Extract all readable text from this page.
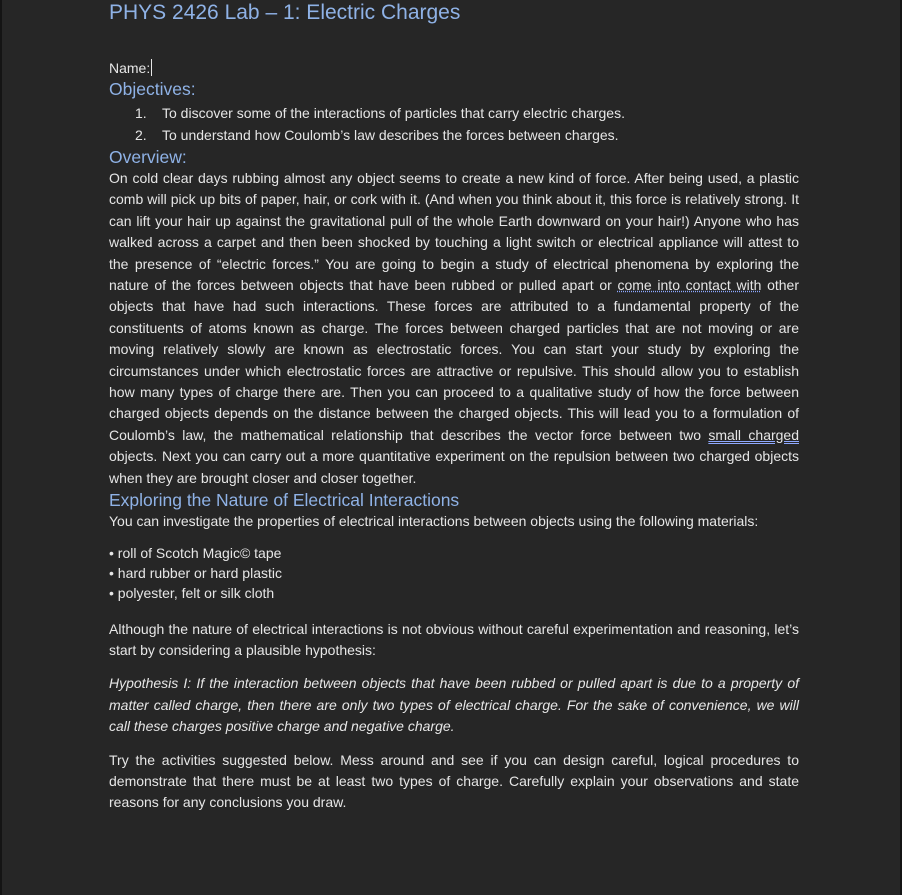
PHYS 2426 Lab – 1: Electric Charges
Name:
Objectives:
1. To discover some of the interactions of particles that carry electric charges.
2. To understand how Coulomb’s law describes the forces between charges.
Overview:

On cold clear days rubbing almost any object seems to create a new kind of force. After being used, a plastic comb will pick up bits of paper, hair, or cork with it. (And when you think about it, this force is relatively strong. It can lift your hair up against the gravitational pull of the whole Earth downward on your hair!) Anyone who has walked across a carpet and then been shocked by touching a light switch or electrical appliance will attest to the presence of “electric forces.” You are going to begin a study of electrical phenomena by exploring the nature of the forces between objects that have been rubbed or pulled apart or come into contact with other objects that have had such interactions. These forces are attributed to a fundamental property of the constituents of atoms known as charge. The forces between charged particles that are not moving or are moving relatively slowly are known as electrostatic forces. You can start your study by exploring the circumstances under which electrostatic forces are attractive or repulsive. This should allow you to establish how many types of charge there are. Then you can proceed to a qualitative study of how the force between charged objects depends on the distance between the charged objects. This will lead you to a formulation of Coulomb’s law, the mathematical relationship that describes the vector force between two small charged objects. Next you can carry out a more quantitative experiment on the repulsion between two charged objects when they are brought closer and closer together.

Exploring the Nature of Electrical Interactions

You can investigate the properties of electrical interactions between objects using the following materials:

• roll of Scotch Magic© tape
• hard rubber or hard plastic
• polyester, felt or silk cloth

Although the nature of electrical interactions is not obvious without careful experimentation and reasoning, let’s start by considering a plausible hypothesis:

Hypothesis I: If the interaction between objects that have been rubbed or pulled apart is due to a property of matter called charge, then there are only two types of electrical charge. For the sake of convenience, we will call these charges positive charge and negative charge.

Try the activities suggested below. Mess around and see if you can design careful, logical procedures to demonstrate that there must be at least two types of charge. Carefully explain your observations and state reasons for any conclusions you draw.
